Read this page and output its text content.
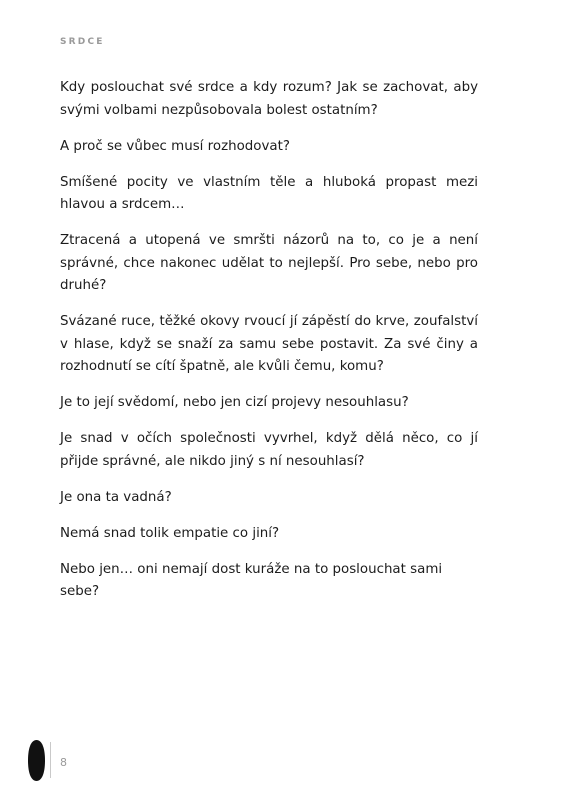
SRDCE

Kdy poslouchat své srdce a kdy rozum? Jak se zachovat, aby svými volbami nezpůsobovala bolest ostatním?

A proč se vůbec musí rozhodovat?

Smíšené pocity ve vlastním těle a hluboká propast mezi hlavou a srdcem…

Ztracená a utopená ve smršti názorů na to, co je a není správné, chce nakonec udělat to nejlepší. Pro sebe, nebo pro druhé?

Svázané ruce, těžké okovy rvoucí jí zápěstí do krve, zoufalství v hlase, když se snaží za samu sebe postavit. Za své činy a rozhodnutí se cítí špatně, ale kvůli čemu, komu?

Je to její svědomí, nebo jen cizí projevy nesouhlasu?

Je snad v očích společnosti vyvrhel, když dělá něco, co jí přijde správné, ale nikdo jiný s ní nesouhlasí?

Je ona ta vadná?

Nemá snad tolik empatie co jiní?

Nebo jen… oni nemají dost kuráže na to poslouchat sami sebe?

8
